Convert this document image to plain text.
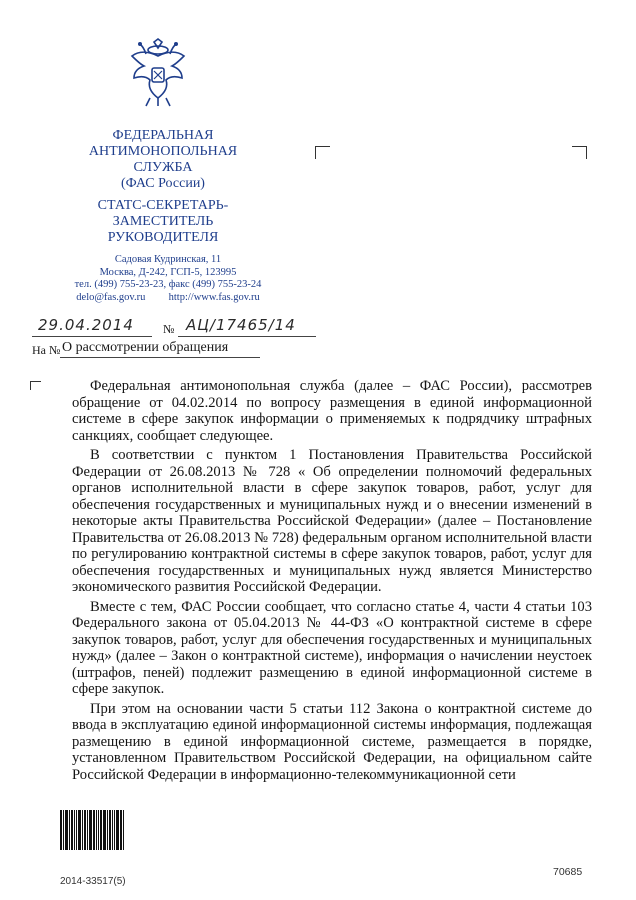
ФЕДЕРАЛЬНАЯ
АНТИМОНОПОЛЬНАЯ
СЛУЖБА
(ФАС России)
СТАТС-СЕКРЕТАРЬ-
ЗАМЕСТИТЕЛЬ
РУКОВОДИТЕЛЯ
Садовая Кудринская, 11
Москва, Д-242, ГСП-5, 123995
тел. (499) 755-23-23, факс (499) 755-23-24
delo@fas.gov.ru http://www.fas.gov.ru
29.04.2014 № АЦ/17465/14
На № О рассмотрении обращения

Федеральная антимонопольная служба (далее – ФАС России), рассмотрев обращение от 04.02.2014 по вопросу размещения в единой информационной системе в сфере закупок информации о применяемых к подрядчику штрафных санкциях, сообщает следующее.

В соответствии с пунктом 1 Постановления Правительства Российской Федерации от 26.08.2013 № 728 « Об определении полномочий федеральных органов исполнительной власти в сфере закупок товаров, работ, услуг для обеспечения государственных и муниципальных нужд и о внесении изменений в некоторые акты Правительства Российской Федерации» (далее – Постановление Правительства от 26.08.2013 № 728) федеральным органом исполнительной власти по регулированию контрактной системы в сфере закупок товаров, работ, услуг для обеспечения государственных и муниципальных нужд является Министерство экономического развития Российской Федерации.

Вместе с тем, ФАС России сообщает, что согласно статье 4, части 4 статьи 103 Федерального закона от 05.04.2013 № 44-ФЗ «О контрактной системе в сфере закупок товаров, работ, услуг для обеспечения государственных и муниципальных нужд» (далее – Закон о контрактной системе), информация о начислении неустоек (штрафов, пеней) подлежит размещению в единой информационной системе в сфере закупок.

При этом на основании части 5 статьи 112 Закона о контрактной системе до ввода в эксплуатацию единой информационной системы информация, подлежащая размещению в единой информационной системе, размещается в порядке, установленном Правительством Российской Федерации, на официальном сайте Российской Федерации в информационно-телекоммуникационной сети

2014-33517(5)
70685
